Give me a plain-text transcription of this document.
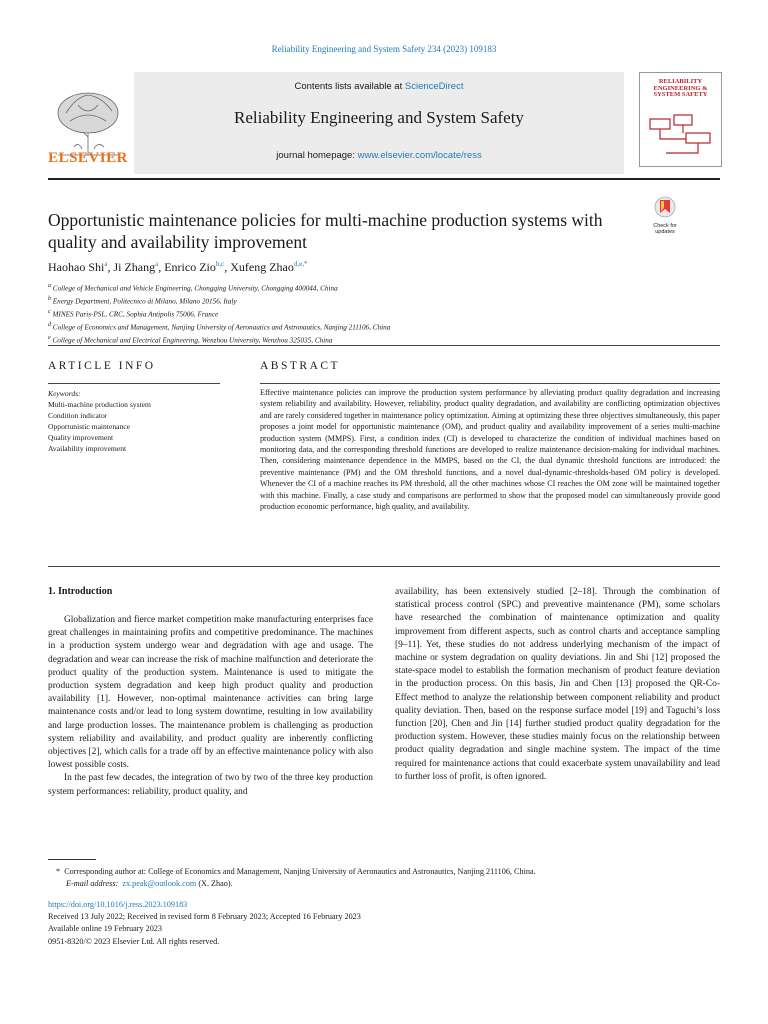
Reliability Engineering and System Safety 234 (2023) 109183
ELSEVIER
Contents lists available at ScienceDirect
Reliability Engineering and System Safety
journal homepage: www.elsevier.com/locate/ress
RELIABILITY ENGINEERING & SYSTEM SAFETY
Check for updates
Opportunistic maintenance policies for multi-machine production systems with quality and availability improvement
Haohao Shi$^a$, Ji Zhang$^a$, Enrico Zio$^{b,c}$, Xufeng Zhao$^{d,e,*}$
$^a$ College of Mechanical and Vehicle Engineering, Chongqing University, Chongqing 400044, China
$^b$ Energy Department, Politecnico di Milano, Milano 20156, Italy
$^c$ MINES Paris-PSL, CRC, Sophia Antipolis 75006, France
$^d$ College of Economics and Management, Nanjing University of Aeronautics and Astronautics, Nanjing 211106, China
$^e$ College of Mechanical and Electrical Engineering, Wenzhou University, Wenzhou 325035, China
ARTICLE INFO	ABSTRACT
Keywords:
Multi-machine production system
Condition indicator
Opportunistic maintenance
Quality improvement
Availability improvement
Effective maintenance policies can improve the production system performance by alleviating product quality degradation and increasing system reliability and availability. However, reliability, product quality degradation, and availability are conflicting optimization objectives and are rarely considered together in maintenance policy optimization. Aiming at optimizing these three objectives simultaneously, this paper proposes a joint model for opportunistic maintenance (OM), and product quality and availability improvement of a series multi-machine production system (MMPS). First, a condition index (CI) is developed to characterize the condition of individual machines based on monitoring data, and the corresponding threshold functions are developed to realize maintenance decision-making for individual machines. Then, considering maintenance dependence in the MMPS, based on the CI, the dual dynamic threshold functions are introduced: the preventive maintenance (PM) and the OM threshold functions, and a novel dual-dynamic-thresholds-based OM policy is developed. Whenever the CI of a machine reaches its PM threshold, all the other machines whose CI reaches the OM zone will be maintained together with this machine. Finally, a case study and comparisons are performed to show that the proposed model can simultaneously provide good production economic performance, high quality, and availability.
1. Introduction

Globalization and fierce market competition make manufacturing enterprises face great challenges in maintaining profits and competitive predominance. The machines in a production system undergo wear and degradation with age and usage. The degradation and wear can increase the risk of machine malfunction and deteriorate the product quality of the production system. Maintenance is used to mitigate the production system degradation and keep high product quality and production availability [1]. However, non-optimal maintenance activities can bring large maintenance costs and/or lead to long system downtime, resulting in low availability and large production losses. The maintenance problem is challenging as production system reliability and availability, and product quality are inherently conflicting objectives [2], which calls for a trade off by an effective maintenance policy with also lowest possible costs.

In the past few decades, the integration of two by two of the three key production system performances: reliability, product quality, and

availability, has been extensively studied [2–18]. Through the combination of statistical process control (SPC) and preventive maintenance (PM), some scholars have researched the combination of maintenance optimization and quality improvement from different aspects, such as control charts and acceptance sampling [9–11]. Yet, these studies do not address underlying mechanism of the impact of machine or system degradation on quality deviations. Jin and Shi [12] proposed the state-space model to establish the formation mechanism of product feature deviation in the production process. On this basis, Jin and Chen [13] proposed the QR-Co-Effect method to analyze the relationship between component reliability and product quality deviation. Then, based on the response surface model [19] and Taguchi’s loss function [20], Chen and Jin [14] further studied product quality degradation for the production system. However, these studies mainly focus on the relationship between product quality degradation and single machine system. The impact of the time required for maintenance actions that could exacerbate system unavailability and lead to further loss of profit, is often ignored.

* Corresponding author at: College of Economics and Management, Nanjing University of Aeronautics and Astronautics, Nanjing 211106, China.
E-mail address: zx.peak@outlook.com (X. Zhao).
https://doi.org/10.1016/j.ress.2023.109183
Received 13 July 2022; Received in revised form 8 February 2023; Accepted 16 February 2023
Available online 19 February 2023
0951-8320/© 2023 Elsevier Ltd. All rights reserved.
